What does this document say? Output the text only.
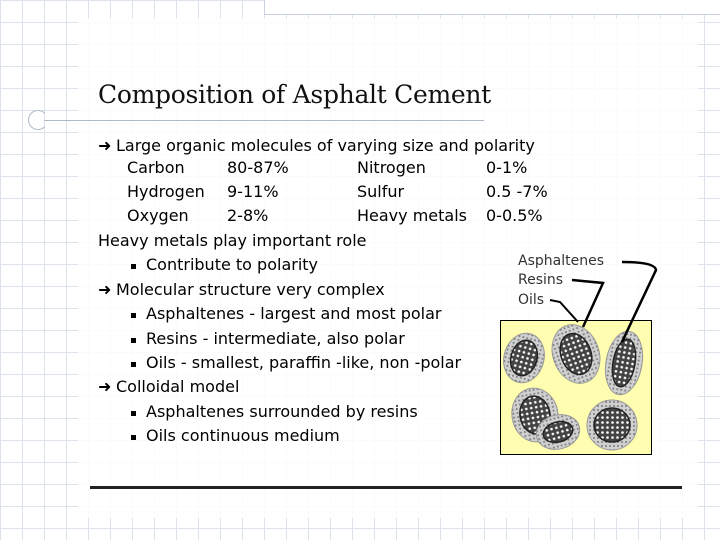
Composition of Asphalt Cement
➜ Large organic molecules of varying size and polarity
Carbon	80-87%	Nitrogen	0-1%
Hydrogen 9-11%	Sulfur	0.5 -7%
Oxygen 2-8%	Heavy metals 0-0.5%
Heavy metals play important role
Contribute to polarity
➜ Molecular structure very complex
Asphaltenes - largest and most polar
Resins - intermediate, also polar
Oils - smallest, paraffin -like, non -polar
➜ Colloidal model
Asphaltenes surrounded by resins
Oils continuous medium
Asphaltenes
Resins
Oils
